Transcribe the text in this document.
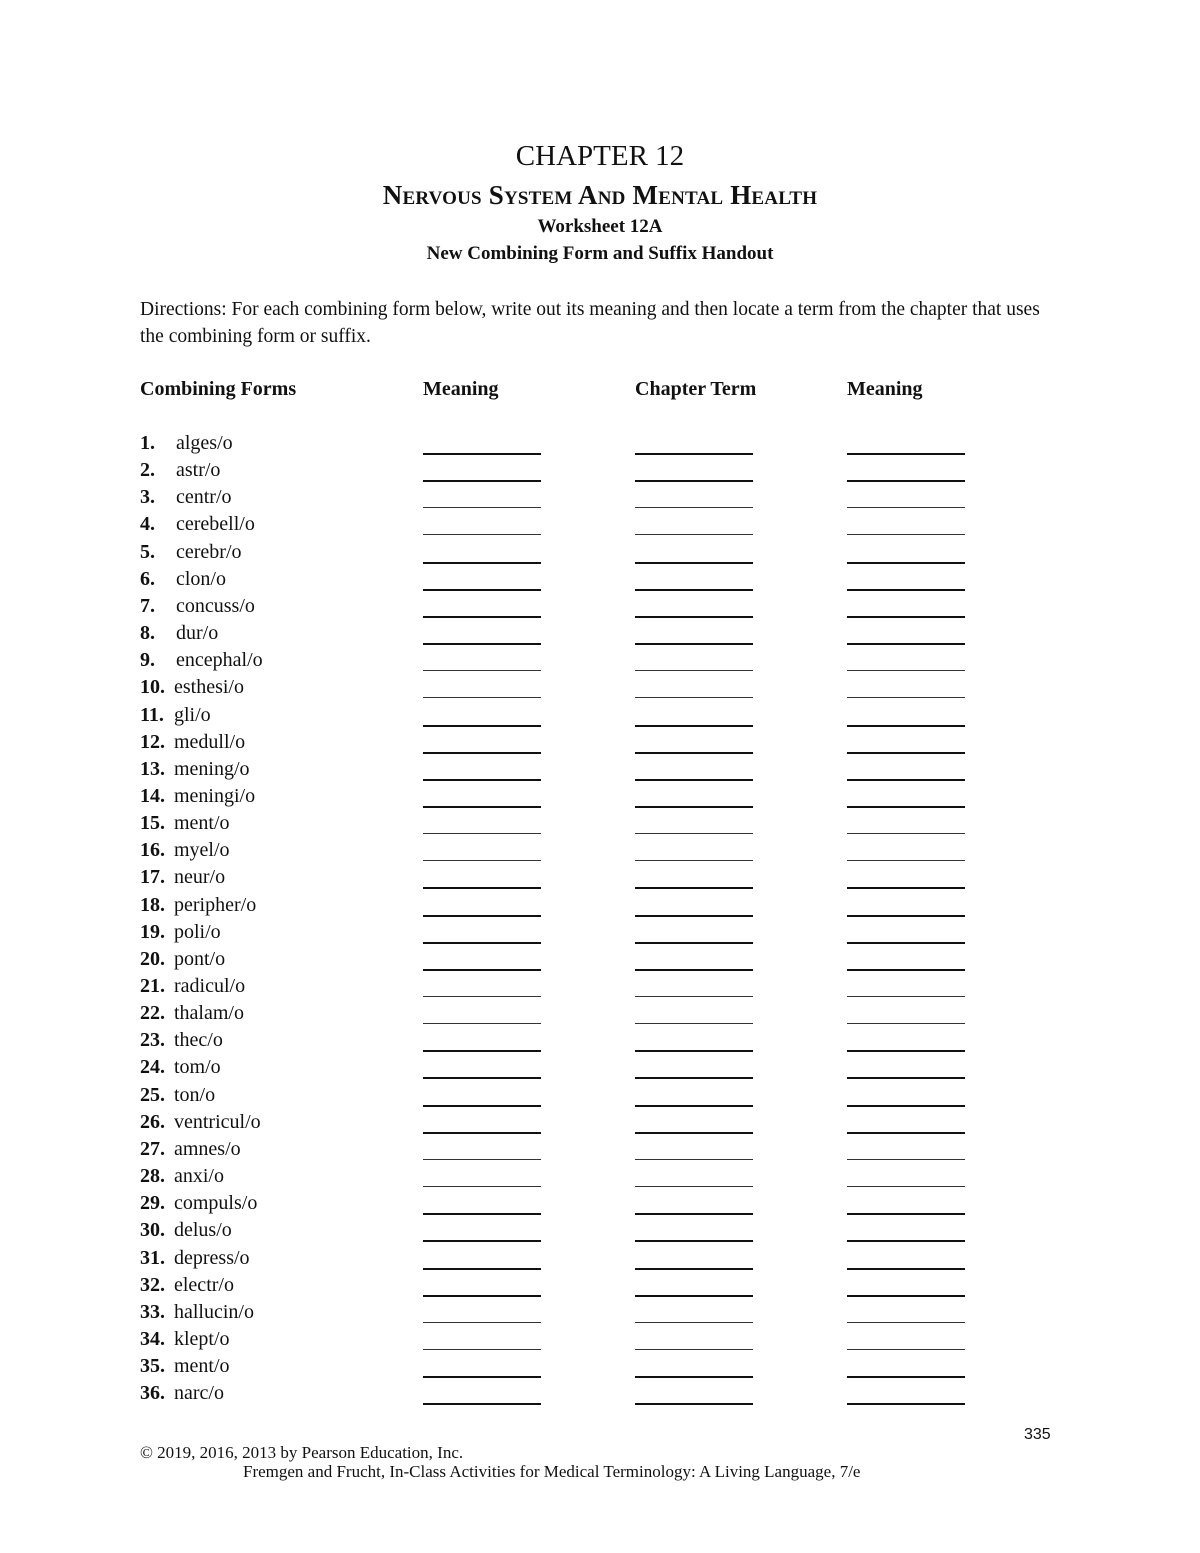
CHAPTER 12
Nervous System And Mental Health
Worksheet 12A
New Combining Form and Suffix Handout
Directions: For each combining form below, write out its meaning and then locate a term from the chapter that uses the combining form or suffix.
Combining Forms	Meaning	Chapter Term	Meaning
1. alges/o
2. astr/o
3. centr/o
4. cerebell/o
5. cerebr/o
6. clon/o
7. concuss/o
8. dur/o
9. encephal/o
10. esthesi/o
11. gli/o
12. medull/o
13. mening/o
14. meningi/o
15. ment/o
16. myel/o
17. neur/o
18. peripher/o
19. poli/o
20. pont/o
21. radicul/o
22. thalam/o
23. thec/o
24. tom/o
25. ton/o
26. ventricul/o
27. amnes/o
28. anxi/o
29. compuls/o
30. delus/o
31. depress/o
32. electr/o
33. hallucin/o
34. klept/o
35. ment/o
36. narc/o
335
© 2019, 2016, 2013 by Pearson Education, Inc.
Fremgen and Frucht, In-Class Activities for Medical Terminology: A Living Language, 7/e
